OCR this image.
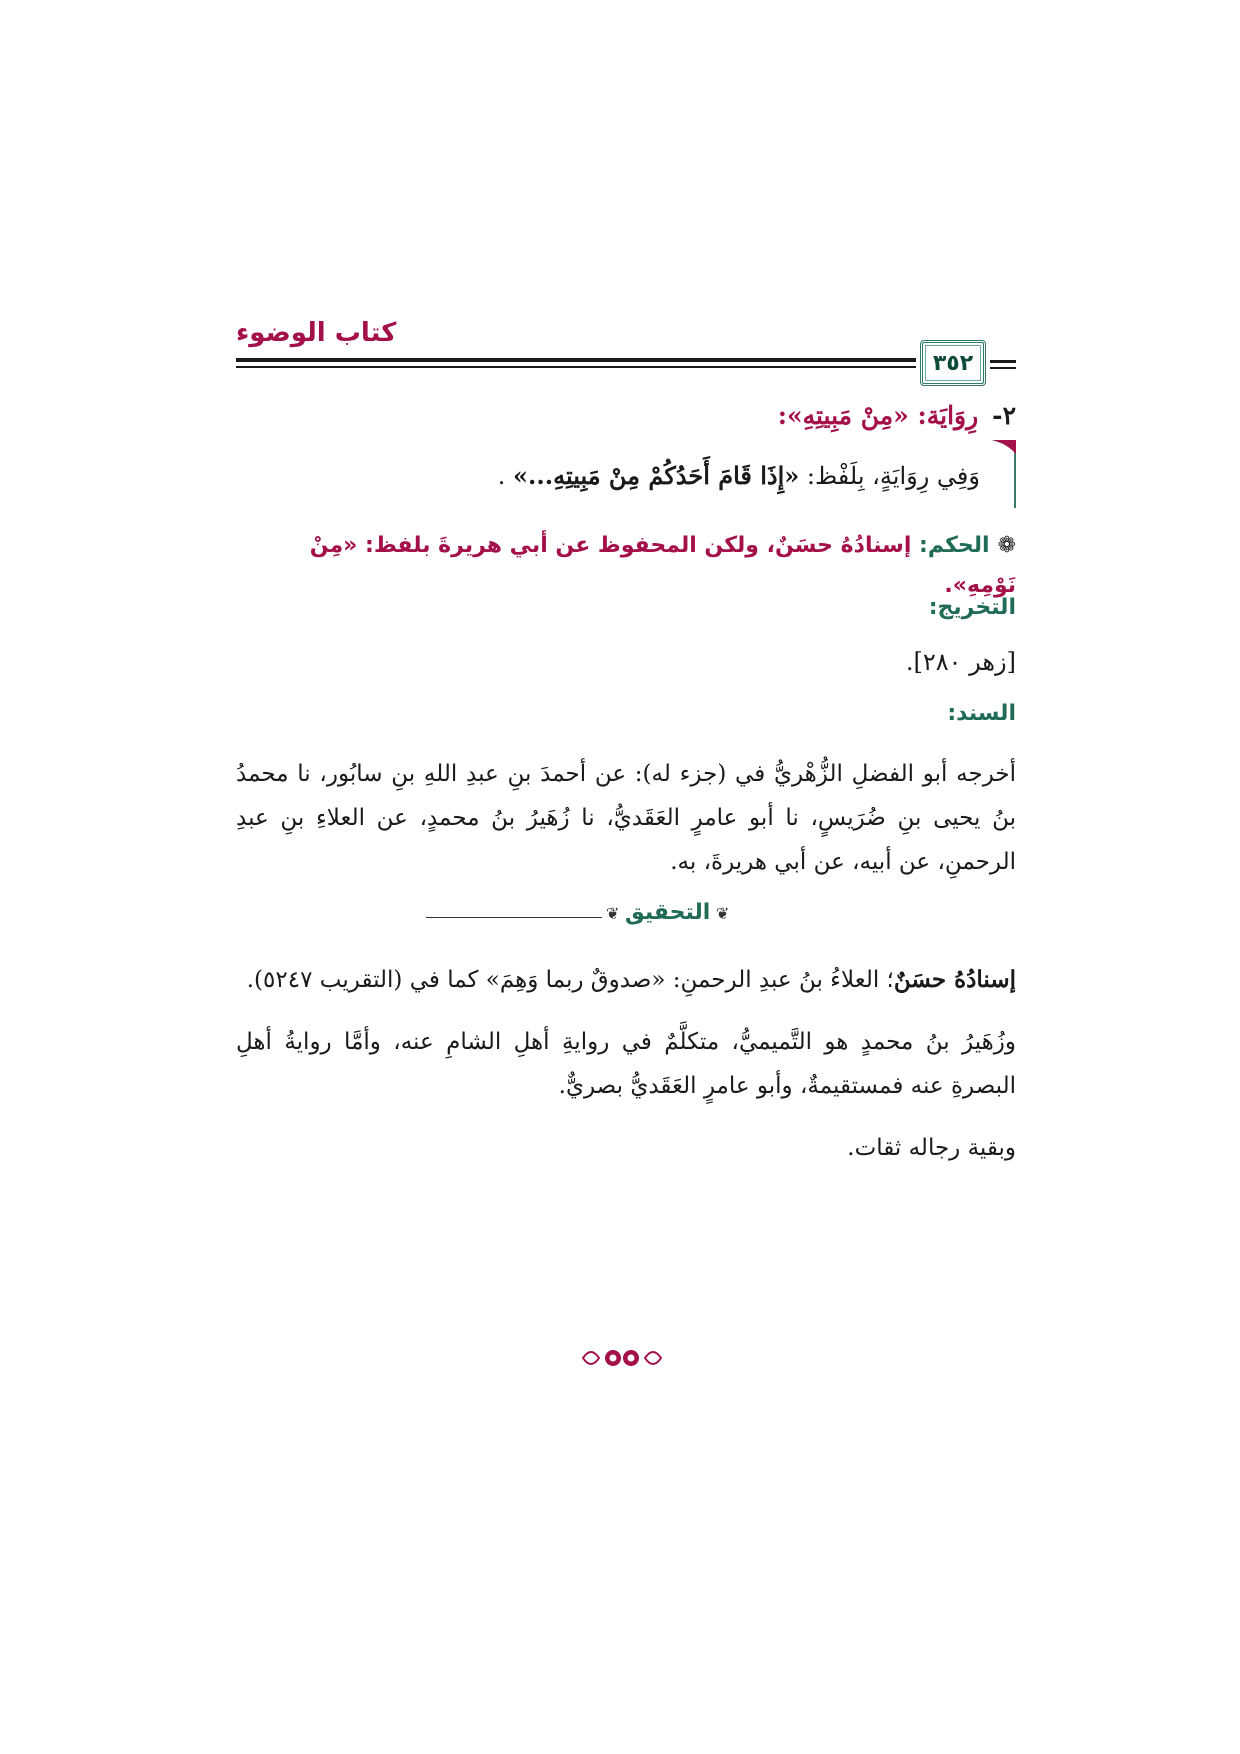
كتاب الوضوء
٣٥٢
٢-رِوَايَة: «مِنْ مَبِيتِهِ»:
وَفِي رِوَايَةٍ، بِلَفْظ: «إِذَا قَامَ أَحَدُكُمْ مِنْ مَبِيتِهِ...» .
❁الحكم: إسنادُهُ حسَنٌ، ولكن المحفوظ عن أبي هريرةَ بلفظ: «مِنْ نَوْمِهِ».
التخريج:
[زهر ٢٨٠].
السند:

أخرجه أبو الفضلِ الزُّهْريُّ في (جزء له): عن أحمدَ بنِ عبدِ اللهِ بنِ سابُور، نا محمدُ بنُ يحيى بنِ ضُرَيسٍ، نا أبو عامرٍ العَقَديُّ، نا زُهَيرُ بنُ محمدٍ، عن العلاءِ بنِ عبدِ الرحمنِ، عن أبيه، عن أبي هريرةَ، به.

❦ التحقيق ❦

إسنادُهُ حسَنٌ؛ العلاءُ بنُ عبدِ الرحمنِ: «صدوقٌ ربما وَهِمَ» كما في (التقريب ٥٢٤٧).

وزُهَيرُ بنُ محمدٍ هو التَّميميُّ، متكلَّمٌ في روايةِ أهلِ الشامِ عنه، وأمَّا روايةُ أهلِ البصرةِ عنه فمستقيمةٌ، وأبو عامرٍ العَقَديُّ بصريٌّ.

وبقية رجاله ثقات.
